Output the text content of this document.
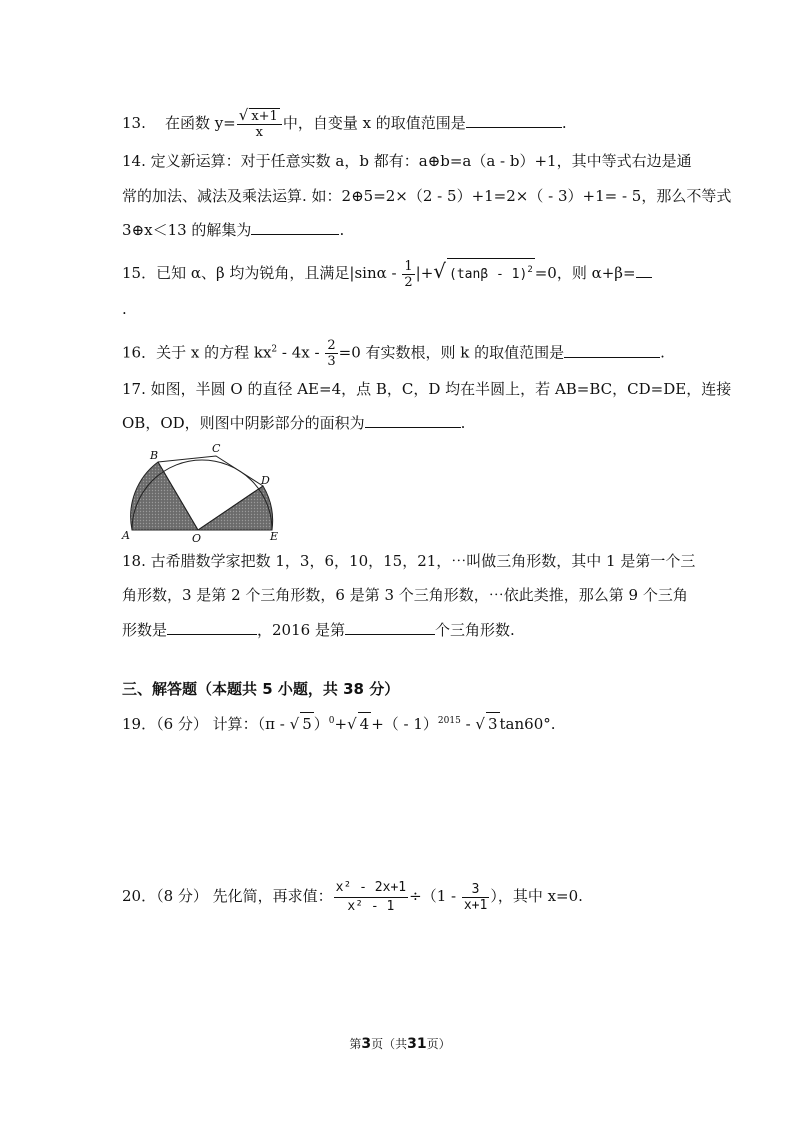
13. 在函数 $y= \frac{√ x+1}{x}$ 中，自变量 x 的取值范围是	.
14. 定义新运算：对于任意实数 a，b 都有：a⊕b=a（a - b）+1，其中等式右边是通
常的加法、减法及乘法运算. 如：2⊕5=2×（2 - 5）+1=2×（ - 3）+1= - 5，那么不等式
3⊕x＜13 的解集为	.
15．已知 α、β 均为锐角，且满足$|\sin\alpha - \frac{1}{2}$ |+√ (tanβ - 1)$^2$ =0，则 α+β=
.
16．关于 x 的方程 $kx^2 - 4x - \frac{2}{3} =0$ 有实数根，则 k 的取值范围是	.
17. 如图，半圆 O 的直径 AE=4，点 B，C，D 均在半圆上，若 AB=BC，CD=DE，连接
OB，OD，则图中阴影部分的面积为	.
A
B
C
D
E
O
18. 古希腊数学家把数 1，3，6，10，15，21，⋯叫做三角形数，其中 1 是第一个三
角形数，3 是第 2 个三角形数，6 是第 3 个三角形数，⋯依此类推，那么第 9 个三角
形数是	，2016 是第	个三角形数.
三、解答题（本题共 5 小题，共 38 分）
19．（6 分） 计算：（π - √ 5 ）$^0$+√ 4 +（ - 1）$^{2015}$ - √ 3 tan60°.
20．（8 分） 先化简，再求值： $\frac{\text{x² - 2x+1}}{\text{x² - 1}} \div(1 - \frac{3}{x+1}$ ），其中 x=0.
第3页（共31页）
